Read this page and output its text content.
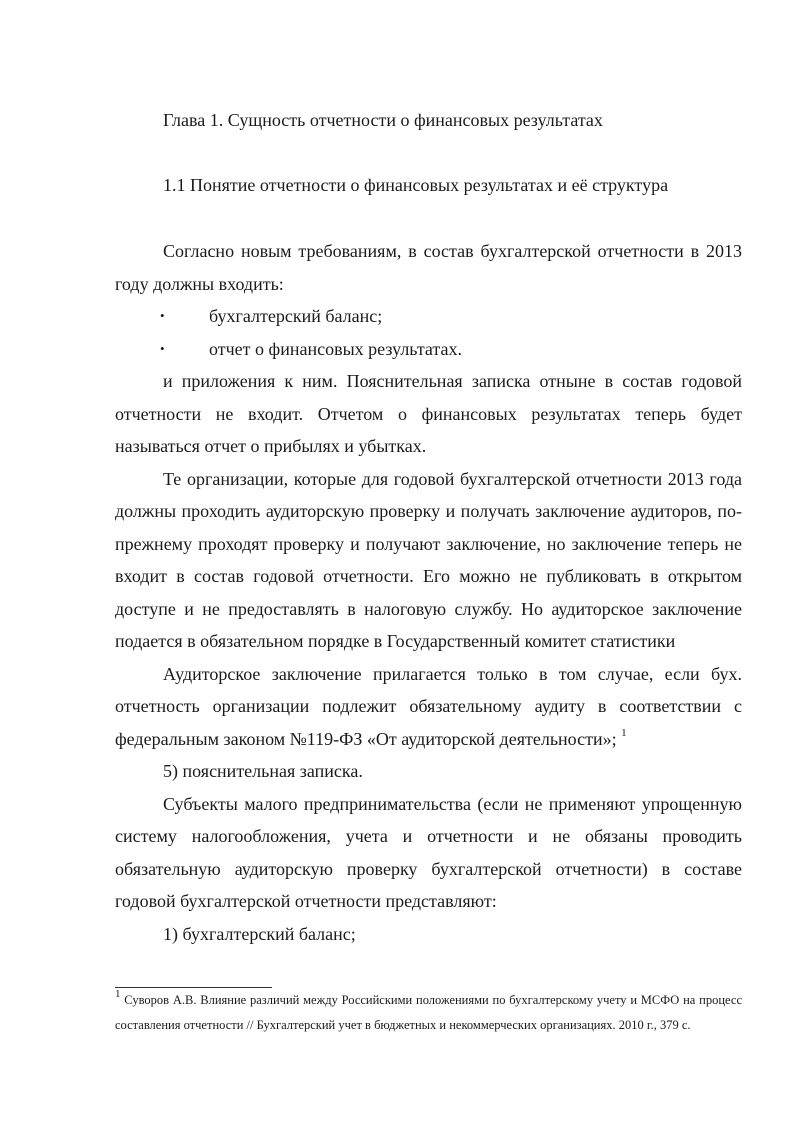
Глава 1. Сущность отчетности о финансовых результатах
1.1 Понятие отчетности о финансовых результатах и её структура

Согласно новым требованиям, в состав бухгалтерской отчетности в 2013 году должны входить:

• бухгалтерский баланс;

• отчет о финансовых результатах.

и приложения к ним. Пояснительная записка отныне в состав годовой отчетности не входит. Отчетом о финансовых результатах теперь будет называться отчет о прибылях и убытках.

Те организации, которые для годовой бухгалтерской отчетности 2013 года должны проходить аудиторскую проверку и получать заключение аудиторов, по-прежнему проходят проверку и получают заключение, но заключение теперь не входит в состав годовой отчетности. Его можно не публиковать в открытом доступе и не предоставлять в налоговую службу. Но аудиторское заключение подается в обязательном порядке в Государственный комитет статистики

Аудиторское заключение прилагается только в том случае, если бух. отчетность организации подлежит обязательному аудиту в соответствии с федеральным законом №119-ФЗ «От аудиторской деятельности»; $^1$

5) пояснительная записка.

Субъекты малого предпринимательства (если не применяют упрощенную систему налогообложения, учета и отчетности и не обязаны проводить обязательную аудиторскую проверку бухгалтерской отчетности) в составе годовой бухгалтерской отчетности представляют:

1) бухгалтерский баланс;

$^1$ Суворов А.В. Влияние различий между Российскими положениями по бухгалтерскому учету и МСФО на процесс составления отчетности // Бухгалтерский учет в бюджетных и некоммерческих организациях. 2010 г., 379 с.
